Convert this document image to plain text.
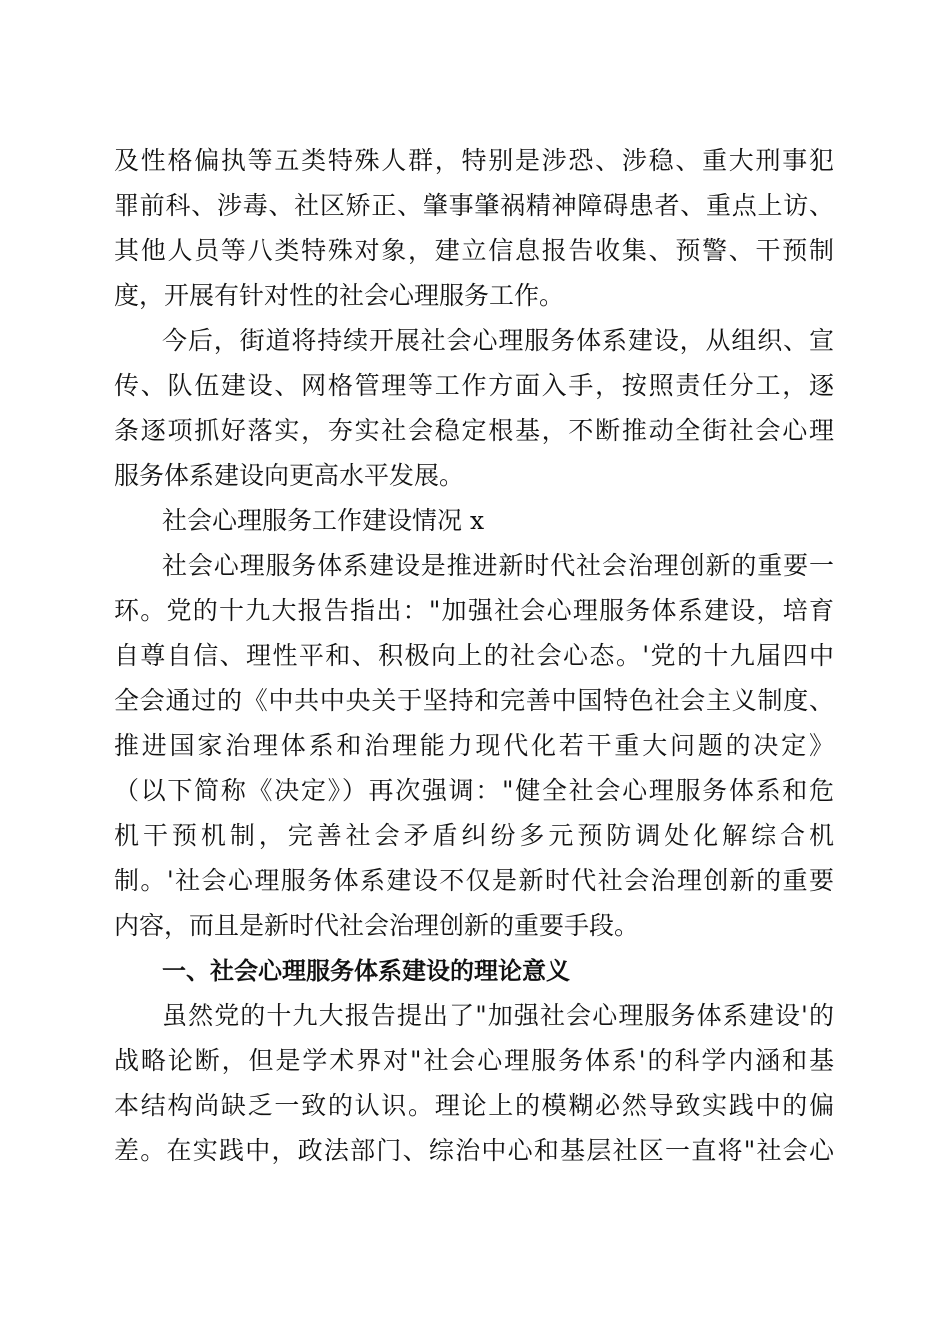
及性格偏执等五类特殊人群，特别是涉恐、涉稳、重大刑事犯
罪前科、涉毒、社区矫正、肇事肇祸精神障碍患者、重点上访、
其他人员等八类特殊对象，建立信息报告收集、预警、干预制
度，开展有针对性的社会心理服务工作。
今后，街道将持续开展社会心理服务体系建设，从组织、宣
传、队伍建设、网格管理等工作方面入手，按照责任分工，逐
条逐项抓好落实，夯实社会稳定根基，不断推动全街社会心理
服务体系建设向更高水平发展。
社会心理服务工作建设情况 x
社会心理服务体系建设是推进新时代社会治理创新的重要一
环。党的十九大报告指出："加强社会心理服务体系建设，培育
自尊自信、理性平和、积极向上的社会心态。'党的十九届四中
全会通过的《中共中央关于坚持和完善中国特色社会主义制度、
推进国家治理体系和治理能力现代化若干重大问题的决定》
（以下简称《决定》）再次强调："健全社会心理服务体系和危
机干预机制，完善社会矛盾纠纷多元预防调处化解综合机
制。'社会心理服务体系建设不仅是新时代社会治理创新的重要
内容，而且是新时代社会治理创新的重要手段。
一、社会心理服务体系建设的理论意义
虽然党的十九大报告提出了"加强社会心理服务体系建设'的
战略论断，但是学术界对"社会心理服务体系'的科学内涵和基
本结构尚缺乏一致的认识。理论上的模糊必然导致实践中的偏
差。在实践中，政法部门、综治中心和基层社区一直将"社会心
